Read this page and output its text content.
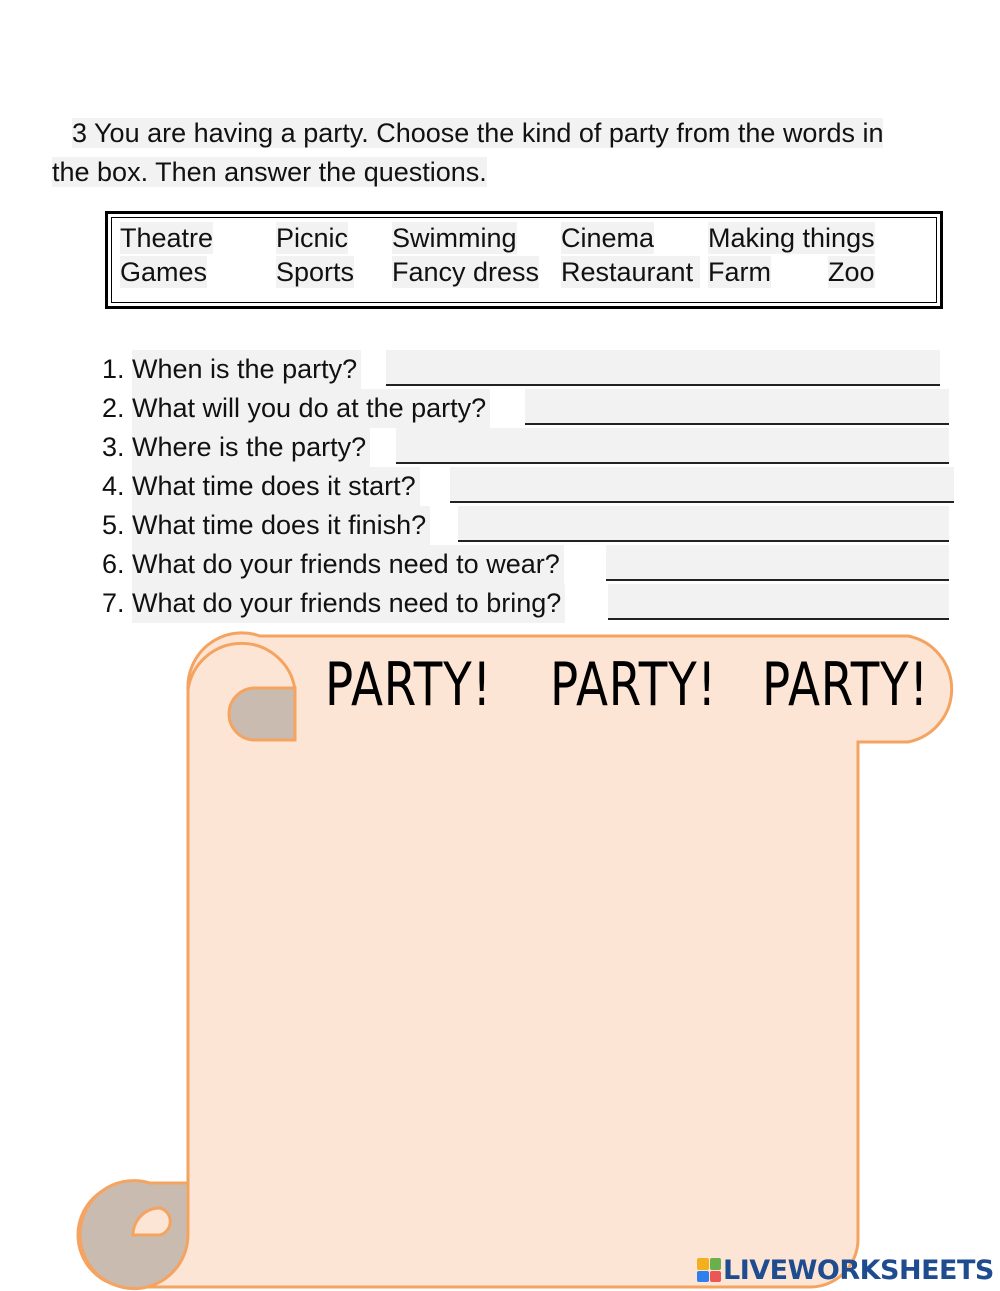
3 You are having a party. Choose the kind of party from the words in
the box. Then answer the questions.
Theatre Picnic Swimming Cinema Making things
Games	Sports Fancy dress Restaurant Farm Zoo
1. When is the party?
2. What will you do at the party?
3. Where is the party?
4. What time does it start?
5. What time does it finish?
6. What do your friends need to wear?
7. What do your friends need to bring?
PARTY! PARTY! PARTY!
LIVEWORKSHEETS
